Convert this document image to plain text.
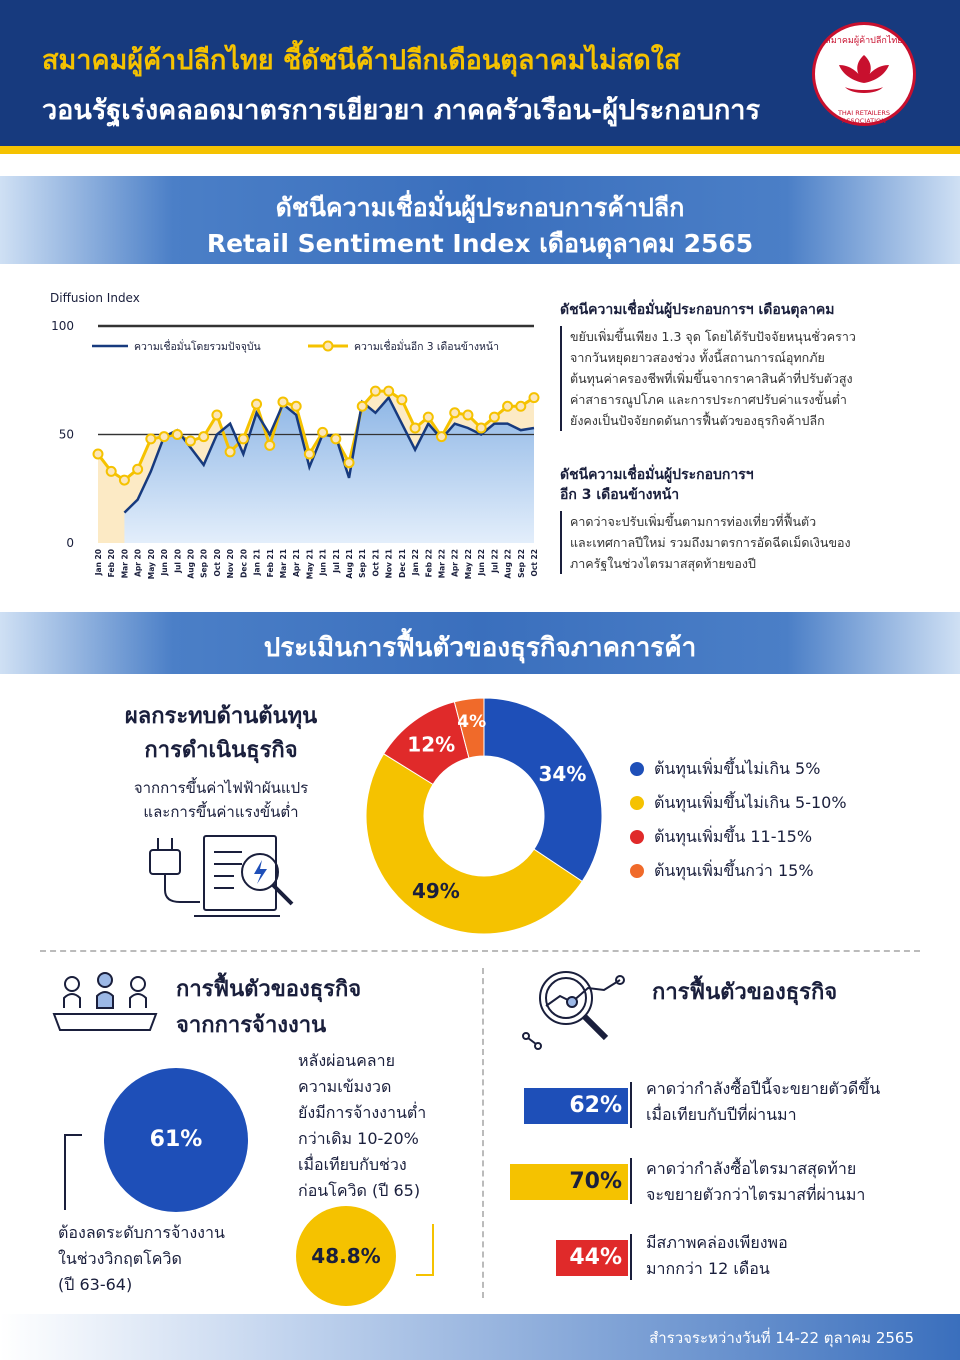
สมาคมผู้ค้าปลีกไทย ชี้ดัชนีค้าปลีกเดือนตุลาคมไม่สดใส
วอนรัฐเร่งคลอดมาตรการเยียวยา ภาคครัวเรือน-ผู้ประกอบการ
สมาคมผู้ค้าปลีกไทย
THAI RETAILERS ASSOCIATION
ดัชนีความเชื่อมั่นผู้ประกอบการค้าปลีก
Retail Sentiment Index เดือนตุลาคม 2565
Diffusion Index
0
50
100
Jan 20 Feb 20 Mar 20 Apr 20 May 20 Jun 20 Jul 20 Aug 20 Sep 20 Oct 20 Nov 20 Dec 20 Jan 21 Feb 21 Mar 21 Apr 21 May 21 Jun 21 Jul 21 Aug 21 Sep 21 Oct 21 Nov 21 Dec 21 Jan 22 Feb 22 Mar 22 Apr 22 May 22 Jun 22 Jul 22 Aug 22 Sep 22 Oct 22
ความเชื่อมั่นโดยรวมปัจจุบัน	ความเชื่อมั่นอีก 3 เดือนข้างหน้า
ดัชนีความเชื่อมั่นผู้ประกอบการฯ เดือนตุลาคม
ขยับเพิ่มขึ้นเพียง 1.3 จุด โดยได้รับปัจจัยหนุนชั่วคราว
จากวันหยุดยาวสองช่วง ทั้งนี้สถานการณ์อุทกภัย
ต้นทุนค่าครองชีพที่เพิ่มขึ้นจากราคาสินค้าที่ปรับตัวสูง
ค่าสาธารณูปโภค และการประกาศปรับค่าแรงขั้นต่ำ
ยังคงเป็นปัจจัยกดดันการฟื้นตัวของธุรกิจค้าปลีก
ดัชนีความเชื่อมั่นผู้ประกอบการฯ
อีก 3 เดือนข้างหน้า
คาดว่าจะปรับเพิ่มขึ้นตามการท่องเที่ยวที่ฟื้นตัว
และเทศกาลปีใหม่ รวมถึงมาตรการอัดฉีดเม็ดเงินของ
ภาครัฐในช่วงไตรมาสสุดท้ายของปี
ประเมินการฟื้นตัวของธุรกิจภาคการค้า
ผลกระทบด้านต้นทุน
การดำเนินธุรกิจ
จากการขึ้นค่าไฟฟ้าผันแปร
และการขึ้นค่าแรงขั้นต่ำ
34%
49%
12%
4%
ต้นทุนเพิ่มขึ้นไม่เกิน 5%
ต้นทุนเพิ่มขึ้นไม่เกิน 5-10%
ต้นทุนเพิ่มขึ้น 11-15%
ต้นทุนเพิ่มขึ้นกว่า 15%
การฟื้นตัวของธุรกิจ
จากการจ้างงาน
61%
ต้องลดระดับการจ้างงาน
ในช่วงวิกฤตโควิด
(ปี 63-64)
หลังผ่อนคลาย
ความเข้มงวด
ยังมีการจ้างงานต่ำ
กว่าเดิม 10-20%
เมื่อเทียบกับช่วง
ก่อนโควิด (ปี 65)
48.8%
การฟื้นตัวของธุรกิจ
62%
คาดว่ากำลังซื้อปีนี้จะขยายตัวดีขึ้น
เมื่อเทียบกับปีที่ผ่านมา
70%
คาดว่ากำลังซื้อไตรมาสสุดท้าย
จะขยายตัวกว่าไตรมาสที่ผ่านมา
44%
มีสภาพคล่องเพียงพอ
มากกว่า 12 เดือน
สำรวจระหว่างวันที่ 14-22 ตุลาคม 2565
